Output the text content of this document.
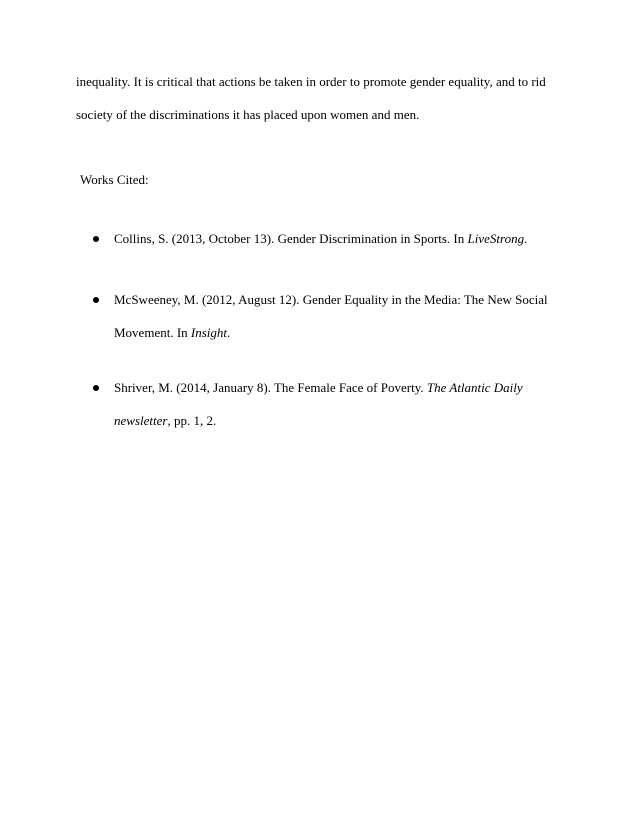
inequality. It is critical that actions be taken in order to promote gender equality, and to rid
society of the discriminations it has placed upon women and men.
Works Cited:
Collins, S. (2013, October 13). Gender Discrimination in Sports. In LiveStrong.
McSweeney, M. (2012, August 12). Gender Equality in the Media: The New Social
Movement. In Insight.
Shriver, M. (2014, January 8). The Female Face of Poverty. The Atlantic Daily
newsletter, pp. 1, 2.
